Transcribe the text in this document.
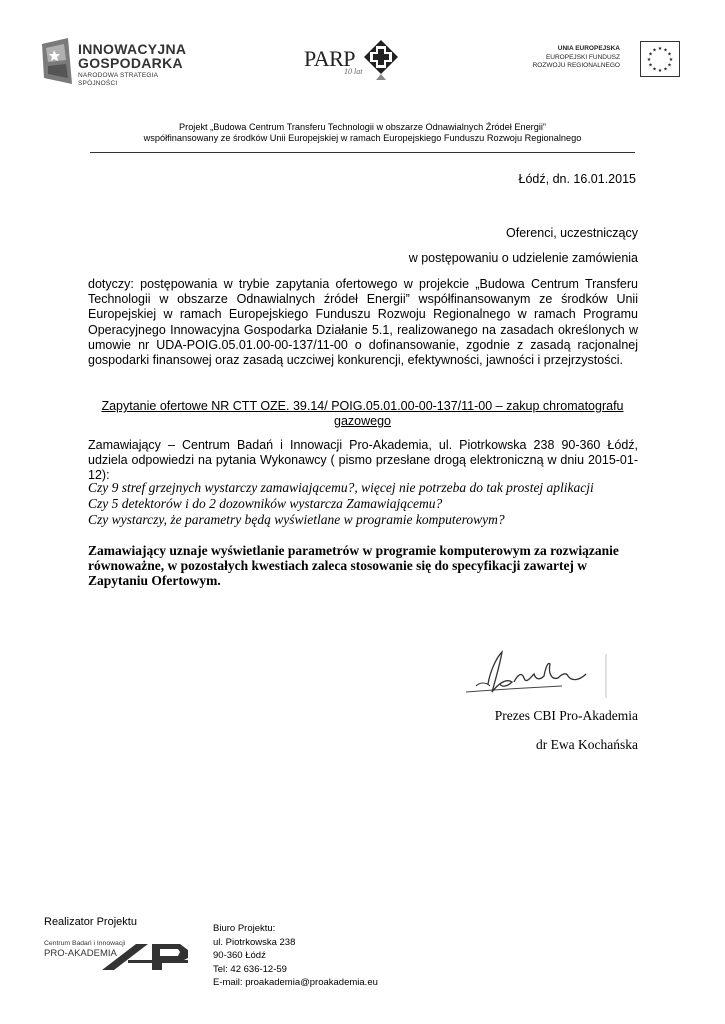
INNOWACYJNA
GOSPODARKA
NARODOWA STRATEGIA SPÓJNOŚCI
PARP
10 lat
UNIA EUROPEJSKA
EUROPEJSKI FUNDUSZ
ROZWOJU REGIONALNEGO
★ ★
★
★
★
★
★
★
★
★
★
★
Projekt „Budowa Centrum Transferu Technologii w obszarze Odnawialnych Źródeł Energii”
współfinansowany ze środków Unii Europejskiej w ramach Europejskiego Funduszu Rozwoju Regionalnego
Łódź, dn. 16.01.2015
Oferenci, uczestniczący
w postępowaniu o udzielenie zamówienia
dotyczy: postępowania w trybie zapytania ofertowego w projekcie „Budowa Centrum Transferu Technologii w obszarze Odnawialnych źródeł Energii” współfinansowanym ze środków Unii Europejskiej w ramach Europejskiego Funduszu Rozwoju Regionalnego w ramach Programu Operacyjnego Innowacyjna Gospodarka Działanie 5.1, realizowanego na zasadach określonych w umowie nr UDA-POIG.05.01.00-00-137/11-00 o dofinansowanie, zgodnie z zasadą racjonalnej gospodarki finansowej oraz zasadą uczciwej konkurencji, efektywności, jawności i przejrzystości.
Zapytanie ofertowe NR CTT OZE. 39.14/ POIG.05.01.00-00-137/11-00 – zakup chromatografu
gazowego
Zamawiający – Centrum Badań i Innowacji Pro-Akademia, ul. Piotrkowska 238 90-360 Łódź, udziela odpowiedzi na pytania Wykonawcy ( pismo przesłane drogą elektroniczną w dniu 2015-01-12):
Czy 9 stref grzejnych wystarczy zamawiającemu?, więcej nie potrzeba do tak prostej aplikacji
Czy 5 detektorów i do 2 dozowników wystarcza Zamawiającemu?
Czy wystarczy, że parametry będą wyświetlane w programie komputerowym?
Zamawiający uznaje wyświetlanie parametrów w programie komputerowym za rozwiązanie równoważne, w pozostałych kwestiach zaleca stosowanie się do specyfikacji zawartej w Zapytaniu Ofertowym.
Prezes CBI Pro-Akademia
dr Ewa Kochańska
Realizator Projektu
Centrum Badań i Innowacji
PRO-AKADEMIA
Biuro Projektu:
ul. Piotrkowska 238
90-360 Łódź
Tel: 42 636-12-59
E-mail: proakademia@proakademia.eu
